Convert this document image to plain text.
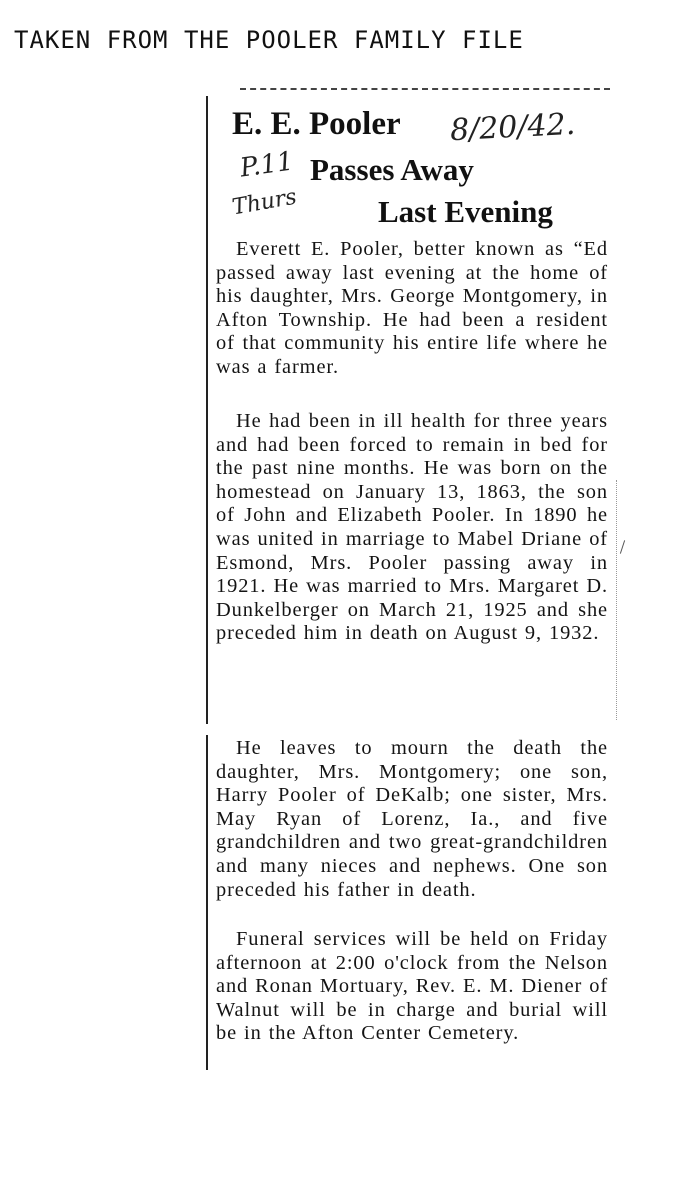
TAKEN FROM THE POOLER FAMILY FILE
E. E. Pooler
Passes Away
Last Evening
8/20/42.
P.11
Thurs

Everett E. Pooler, better known as “Ed passed away last evening at the home of his daughter, Mrs. George Montgomery, in Afton Township. He had been a resident of that community his entire life where he was a farmer.

He had been in ill health for three years and had been forced to remain in bed for the past nine months. He was born on the homestead on January 13, 1863, the son of John and Elizabeth Pooler. In 1890 he was united in marriage to Mabel Driane of Esmond, Mrs. Pooler passing away in 1921. He was married to Mrs. Margaret D. Dunkelberger on March 21, 1925 and she preceded him in death on August 9, 1932.

He leaves to mourn the death the daughter, Mrs. Montgomery; one son, Harry Pooler of DeKalb; one sister, Mrs. May Ryan of Lorenz, Ia., and five grandchildren and two great-grandchildren and many nieces and nephews. One son preceded his father in death.

Funeral services will be held on Friday afternoon at 2:00 o'clock from the Nelson and Ronan Mortuary, Rev. E. M. Diener of Walnut will be in charge and burial will be in the Afton Center Cemetery.
